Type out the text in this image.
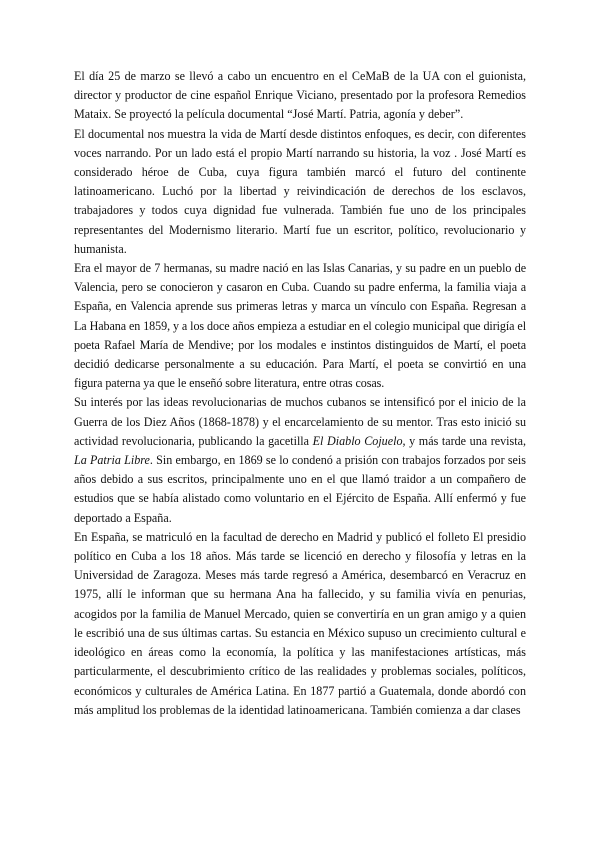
El día 25 de marzo se llevó a cabo un encuentro en el CeMaB de la UA con el guionista, director y productor de cine español Enrique Viciano, presentado por la profesora Remedios Mataix. Se proyectó la película documental “José Martí. Patria, agonía y deber”.

El documental nos muestra la vida de Martí desde distintos enfoques, es decir, con diferentes voces narrando. Por un lado está el propio Martí narrando su historia, la voz . José Martí es considerado héroe de Cuba, cuya figura también marcó el futuro del continente latinoamericano. Luchó por la libertad y reivindicación de derechos de los esclavos, trabajadores y todos cuya dignidad fue vulnerada. También fue uno de los principales representantes del Modernismo literario. Martí fue un escritor, político, revolucionario y humanista.

Era el mayor de 7 hermanas, su madre nació en las Islas Canarias, y su padre en un pueblo de Valencia, pero se conocieron y casaron en Cuba. Cuando su padre enferma, la familia viaja a España, en Valencia aprende sus primeras letras y marca un vínculo con España. Regresan a La Habana en 1859, y a los doce años empieza a estudiar en el colegio municipal que dirigía el poeta Rafael María de Mendive; por los modales e instintos distinguidos de Martí, el poeta decidió dedicarse personalmente a su educación. Para Martí, el poeta se convirtió en una figura paterna ya que le enseñó sobre literatura, entre otras cosas.

Su interés por las ideas revolucionarias de muchos cubanos se intensificó por el inicio de la Guerra de los Diez Años (1868-1878) y el encarcelamiento de su mentor. Tras esto inició su actividad revolucionaria, publicando la gacetilla El Diablo Cojuelo, y más tarde una revista, La Patria Libre. Sin embargo, en 1869 se lo condenó a prisión con trabajos forzados por seis años debido a sus escritos, principalmente uno en el que llamó traidor a un compañero de estudios que se había alistado como voluntario en el Ejército de España. Allí enfermó y fue deportado a España.

En España, se matriculó en la facultad de derecho en Madrid y publicó el folleto El presidio político en Cuba a los 18 años. Más tarde se licenció en derecho y filosofía y letras en la Universidad de Zaragoza. Meses más tarde regresó a América, desembarcó en Veracruz en 1975, allí le informan que su hermana Ana ha fallecido, y su familia vivía en penurias, acogidos por la familia de Manuel Mercado, quien se convertiría en un gran amigo y a quien le escribió una de sus últimas cartas. Su estancia en México supuso un crecimiento cultural e ideológico en áreas como la economía, la política y las manifestaciones artísticas, más particularmente, el descubrimiento crítico de las realidades y problemas sociales, políticos, económicos y culturales de América Latina. En 1877 partió a Guatemala, donde abordó con más amplitud los problemas de la identidad latinoamericana. También comienza a dar clases
